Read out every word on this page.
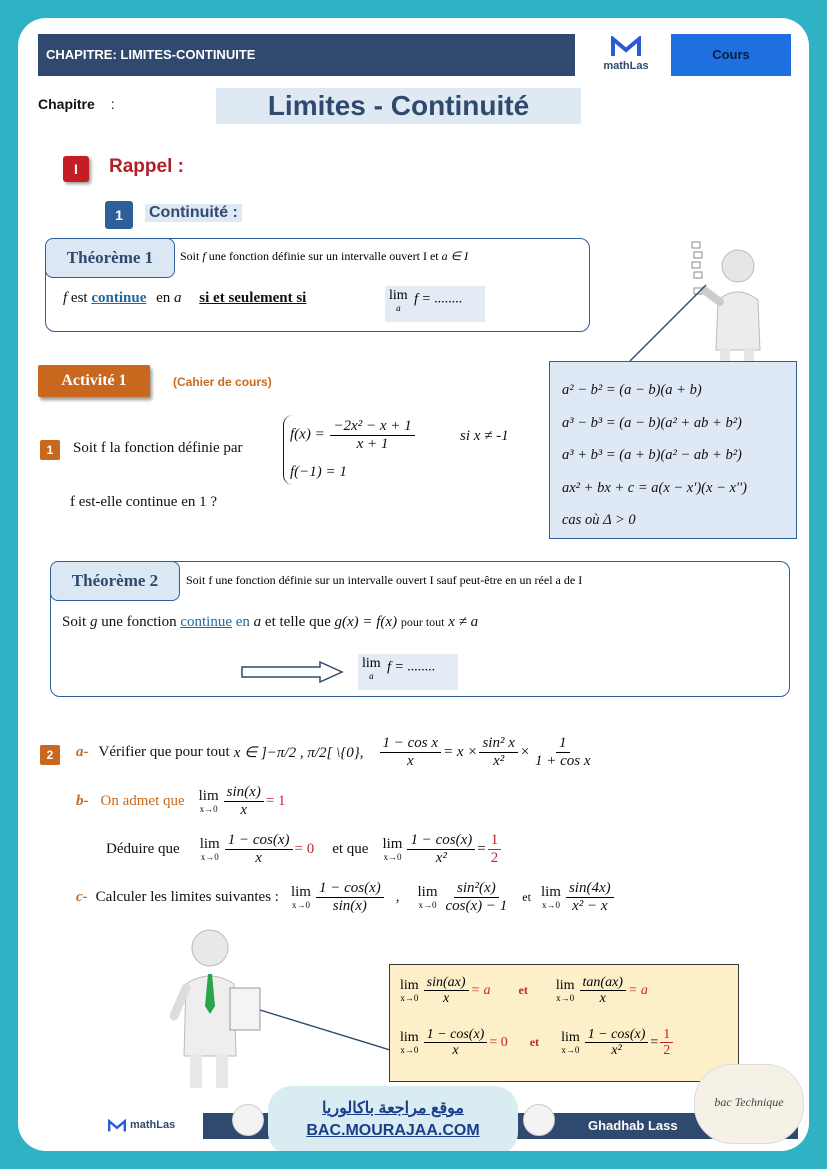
CHAPITRE: LIMITES-CONTINUITE
mathLas
Cours
Chapitre :	Limites - Continuité
I	Rappel :
1	Continuité :
Théorème 1	Soit f une fonction définie sur un intervalle ouvert I et a ∈ I
f est continue en a si et seulement si	lim
a
f = ........
a² − b² = (a − b)(a + b)
a³ − b³ = (a − b)(a² + ab + b²)
a³ + b³ = (a + b)(a² − ab + b²)
ax² + bx + c = a(x − x')(x − x'')
cas où Δ > 0
Activité 1	(Cahier de cours)
1	Soit f la fonction définie par
$f(x) = \frac{\text{−2x² − x + 1}}{x + 1}$	si x ≠ -1
f(−1) = 1
f est-elle continue en 1 ?
Théorème 2	Soit f une fonction définie sur un intervalle ouvert I sauf peut-être en un réel a de I
Soit g une fonction continue en a et telle que g(x) = f(x) pour tout x ≠ a
lim
a
f = ........
2	a- Vérifier que pour tout x ∈ ]−π/2 , π/2[ \{0}, $\frac{\text{1 − cos x}}{x} = x \times \frac{\text{sin² x}}{\text{x²}} \times \frac{1}{\text{1 + cos x}}$
b- On admet que lim
$x\to 0 \frac{\sin(x)}{x} = 1$
Déduire que lim
$x\to 0 \frac{1 - \cos(x)}{x} = 0$ et que lim
$x\to 0 \frac{1 - \cos(x)}{\text{x²}} = \frac{1}{2}$
c- Calculer les limites suivantes : lim
$x\to 0 \frac{1 - \cos(x)}{\sin(x)}$ , lim
$x\to 0 \frac{\text{sin²(x)}}{\cos(x) - 1}$ et lim
$x\to 0 \frac{\sin(4x)}{\text{x² − x}}$
lim
$x\to 0 \frac{\sin(ax)}{x} = a$ et lim
$x\to 0 \frac{\tan(ax)}{x} = a$
lim
$x\to 0 \frac{1 - \cos(x)}{x} = 0$ et lim
$x\to 0 \frac{1 - \cos(x)}{\text{x²}} = \frac{1}{2}$
mathLas	Ghadhab Lass
موقع مراجعة باكالوريا
BAC.MOURAJAA.COM
bac Technique
